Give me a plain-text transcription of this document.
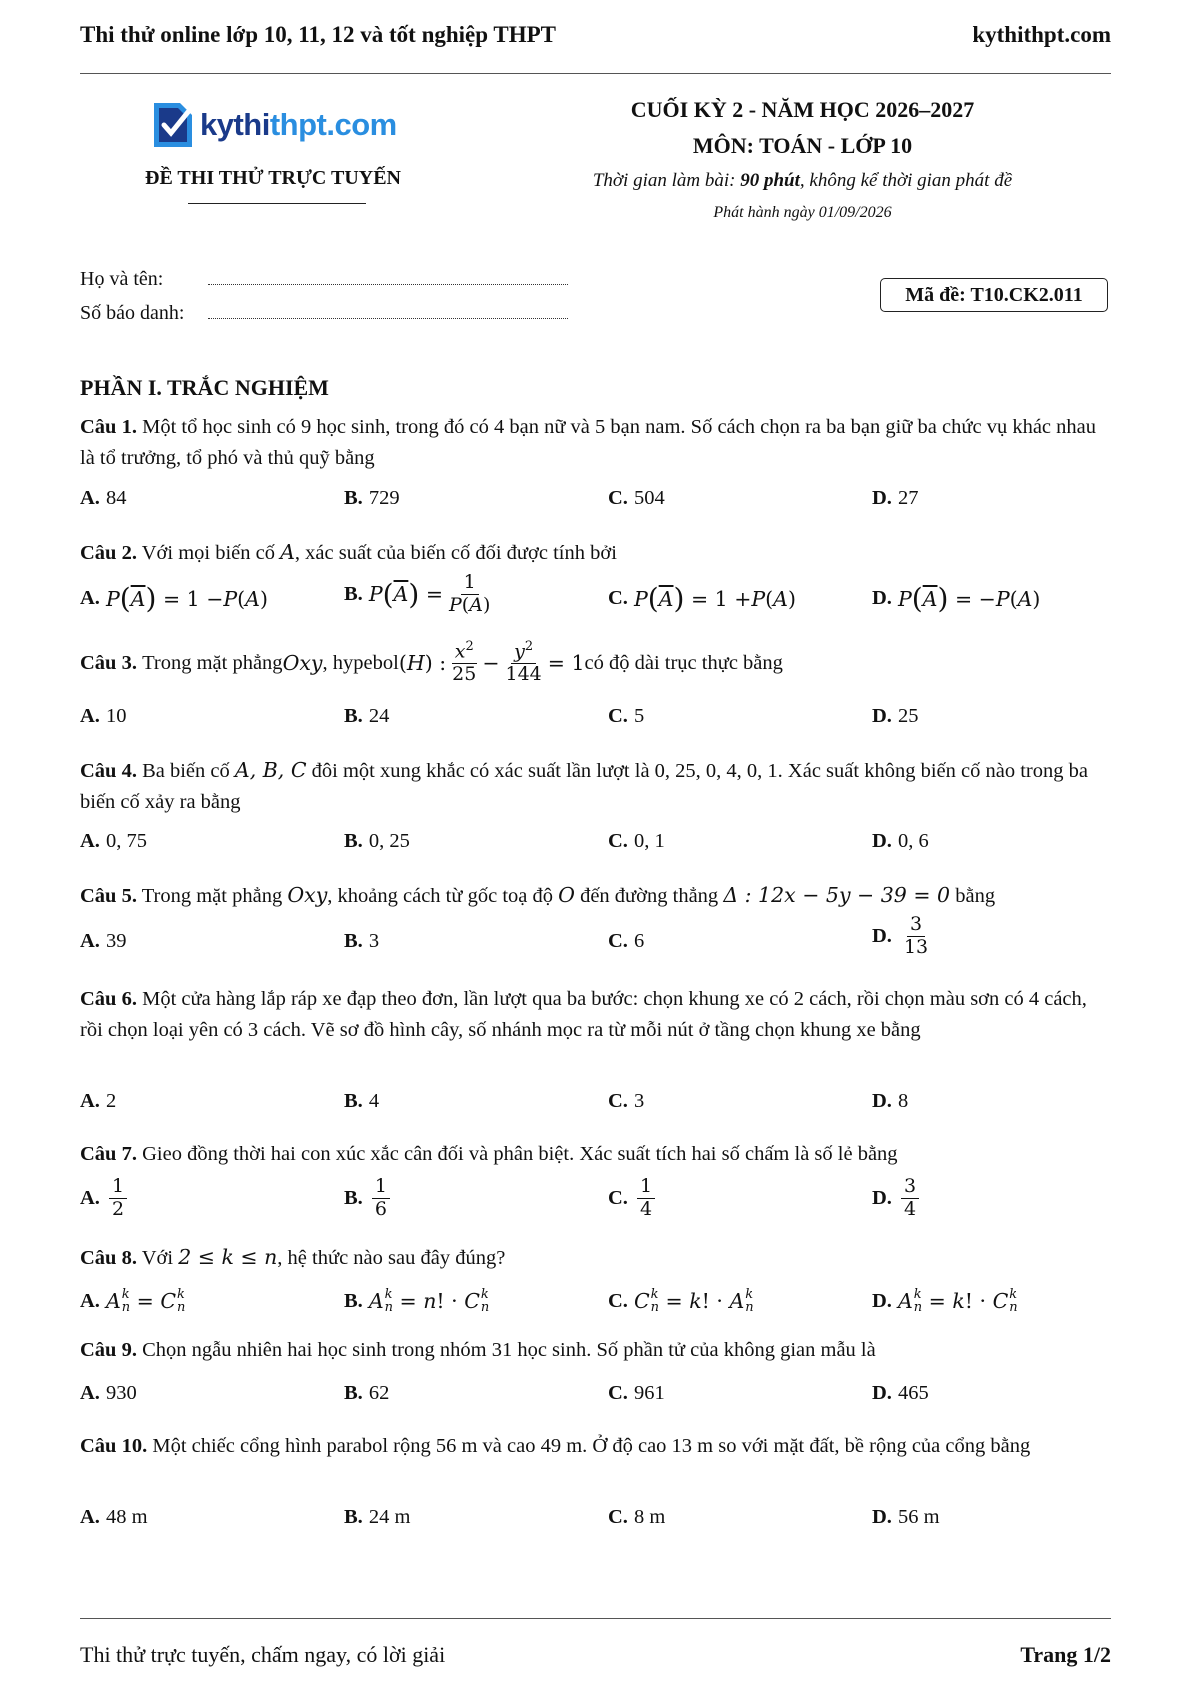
Thi thử online lớp 10, 11, 12 và tốt nghiệp THPT	kythithpt.com
kythithpt.com
ĐỀ THI THỬ TRỰC TUYẾN
CUỐI KỲ 2 - NĂM HỌC 2026–2027
MÔN: TOÁN - LỚP 10
Thời gian làm bài: 90 phút, không kể thời gian phát đề
Phát hành ngày 01/09/2026
Họ và tên:
Số báo danh:
Mã đề: T10.CK2.011
PHẦN I. TRẮC NGHIỆM
Câu 1. Một tổ học sinh có 9 học sinh, trong đó có 4 bạn nữ và 5 bạn nam. Số cách chọn ra ba bạn giữ ba chức vụ khác nhau là tổ trưởng, tổ phó và thủ quỹ bằng
A. 84	B. 729	C. 504	D. 27
Câu 2. Với mọi biến cố A, xác suất của biến cố đối được tính bởi
A. P ( $\overline{A}$ ) = 1 − P ( A )	B. P ( $\overline{A}$ ) = $\frac{1}{P(A)}$	C. P ( $\overline{A}$ ) = 1 + P ( A )	D. P ( $\overline{A}$ ) = − P ( A )
Câu 3.
Trong mặt phẳng Oxy , hypebol ( H ) : $\frac{x^2}{25} - \frac{y^2}{144} = 1$ có độ dài trục thực bằng
A. 10	B. 24	C. 5	D. 25
Câu 4. Ba biến cố A, B, C đôi một xung khắc có xác suất lần lượt là 0, 25, 0, 4, 0, 1. Xác suất không biến cố nào trong ba biến cố xảy ra bằng
A. 0, 75	B. 0, 25	C. 0, 1	D. 0, 6
Câu 5. Trong mặt phẳng Oxy, khoảng cách từ gốc toạ độ O đến đường thẳng Δ : 12x − 5y − 39 = 0 bằng
A. 39	B. 3	C. 6	D. $\frac{3}{13}$
Câu 6. Một cửa hàng lắp ráp xe đạp theo đơn, lần lượt qua ba bước: chọn khung xe có 2 cách, rồi chọn màu sơn có 4 cách, rồi chọn loại yên có 3 cách. Vẽ sơ đồ hình cây, số nhánh mọc ra từ mỗi nút ở tầng chọn khung xe bằng
A. 2	B. 4	C. 3	D. 8
Câu 7. Gieo đồng thời hai con xúc xắc cân đối và phân biệt. Xác suất tích hai số chấm là số lẻ bằng
A. $\frac{1}{2}$	B. $\frac{1}{6}$	C. $\frac{1}{4}$	D. $\frac{3}{4}$
Câu 8. Với 2 ≤ k ≤ n, hệ thức nào sau đây đúng?
A. A k
n = C k
n	B. A k
n = n ! · C k
n	C. C k
n = k ! · A k
n	D. A k
n = k ! · C k
n
Câu 9. Chọn ngẫu nhiên hai học sinh trong nhóm 31 học sinh. Số phần tử của không gian mẫu là
A. 930	B. 62	C. 961	D. 465
Câu 10. Một chiếc cổng hình parabol rộng 56 m và cao 49 m. Ở độ cao 13 m so với mặt đất, bề rộng của cổng bằng
A. 48 m	B. 24 m	C. 8 m	D. 56 m
Thi thử trực tuyến, chấm ngay, có lời giải	Trang 1/2
